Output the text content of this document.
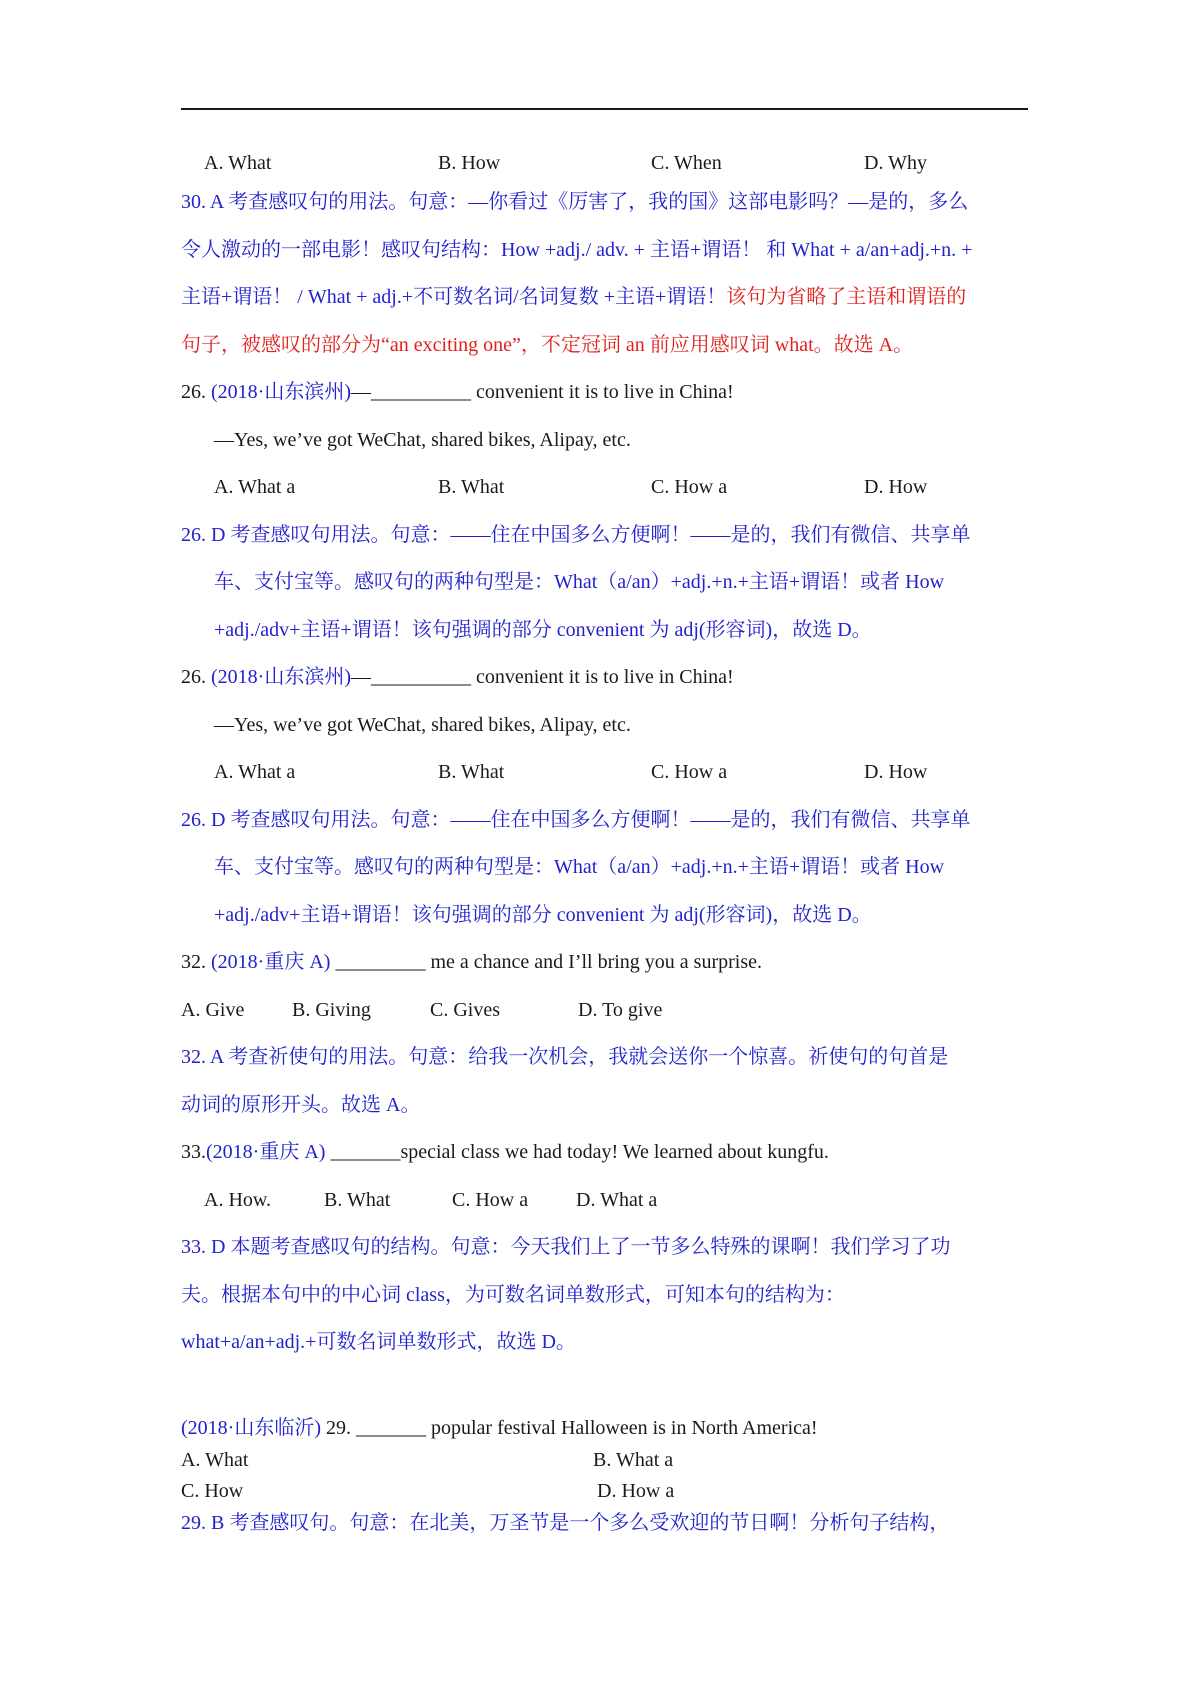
A. What	B. How	C. When	D. Why
30. A 考查感叹句的用法。句意：—你看过《厉害了，我的国》这部电影吗？—是的，多么
令人激动的一部电影！感叹句结构：How +adj./ adv. + 主语+谓语！ 和 What + a/an+adj.+n. +
主语+谓语！ / What + adj.+不可数名词/名词复数 +主语+谓语！该句为省略了主语和谓语的
句子，被感叹的部分为“an exciting one”，不定冠词 an 前应用感叹词 what。故选 A。
26. (2018·山东滨州)—__________ convenient it is to live in China!
—Yes, we’ve got WeChat, shared bikes, Alipay, etc.
A. What a	B. What	C. How a	D. How
26. D 考查感叹句用法。句意：——住在中国多么方便啊！——是的，我们有微信、共享单
车、支付宝等。感叹句的两种句型是：What（a/an）+adj.+n.+主语+谓语！或者 How
+adj./adv+主语+谓语！该句强调的部分 convenient 为 adj(形容词)，故选 D。
26. (2018·山东滨州)—__________ convenient it is to live in China!
—Yes, we’ve got WeChat, shared bikes, Alipay, etc.
A. What a	B. What	C. How a	D. How
26. D 考查感叹句用法。句意：——住在中国多么方便啊！——是的，我们有微信、共享单
车、支付宝等。感叹句的两种句型是：What（a/an）+adj.+n.+主语+谓语！或者 How
+adj./adv+主语+谓语！该句强调的部分 convenient 为 adj(形容词)，故选 D。
32. (2018·重庆 A) _________ me a chance and I’ll bring you a surprise.
A. Give B. Giving	C. Gives	D. To give
32. A 考查祈使句的用法。句意：给我一次机会，我就会送你一个惊喜。祈使句的句首是
动词的原形开头。故选 A。
33.(2018·重庆 A) _______special class we had today! We learned about kungfu.
A. How.	B. What	C. How a D. What a
33. D 本题考查感叹句的结构。句意：今天我们上了一节多么特殊的课啊！我们学习了功
夫。根据本句中的中心词 class，为可数名词单数形式，可知本句的结构为：
what+a/an+adj.+可数名词单数形式，故选 D。
(2018·山东临沂) 29. _______ popular festival Halloween is in North America!
A. What	B. What a
C. How	D. How a
29. B 考查感叹句。句意：在北美，万圣节是一个多么受欢迎的节日啊！分析句子结构，
